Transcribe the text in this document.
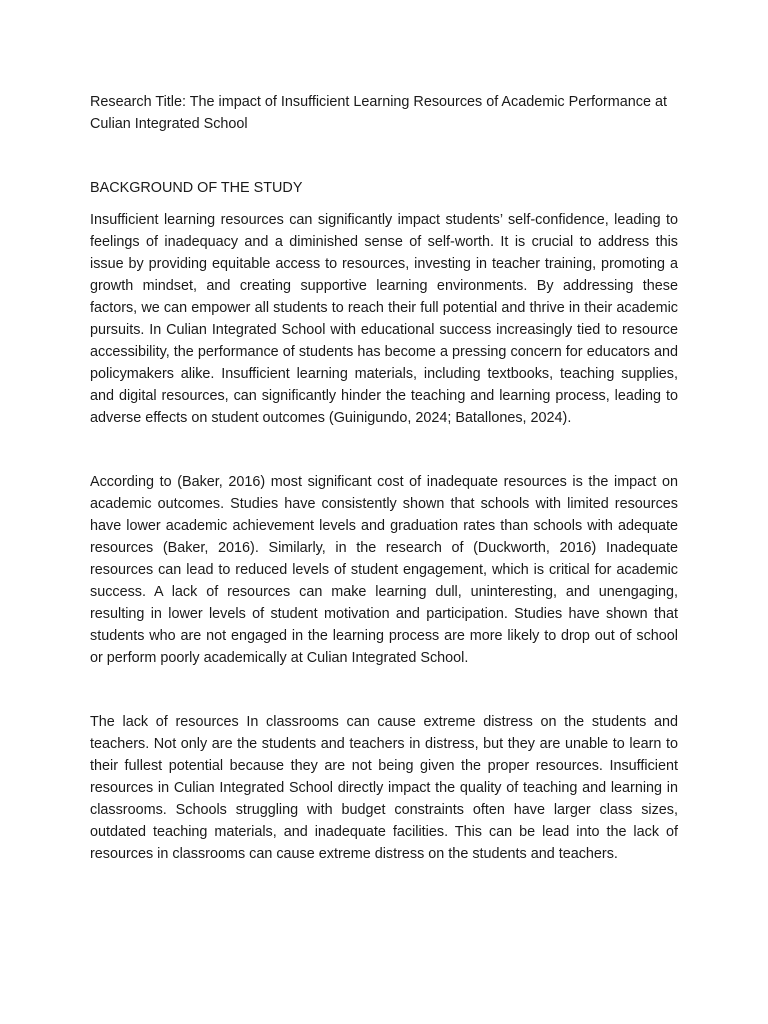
Research Title: The impact of Insufficient Learning Resources of Academic Performance at Culian Integrated School

BACKGROUND OF THE STUDY

Insufficient learning resources can significantly impact students’ self-confidence, leading to feelings of inadequacy and a diminished sense of self-worth. It is crucial to address this issue by providing equitable access to resources, investing in teacher training, promoting a growth mindset, and creating supportive learning environments. By addressing these factors, we can empower all students to reach their full potential and thrive in their academic pursuits. In Culian Integrated School with educational success increasingly tied to resource accessibility, the performance of students has become a pressing concern for educators and policymakers alike. Insufficient learning materials, including textbooks, teaching supplies, and digital resources, can significantly hinder the teaching and learning process, leading to adverse effects on student outcomes (Guinigundo, 2024; Batallones, 2024).

According to (Baker, 2016) most significant cost of inadequate resources is the impact on academic outcomes. Studies have consistently shown that schools with limited resources have lower academic achievement levels and graduation rates than schools with adequate resources (Baker, 2016). Similarly, in the research of (Duckworth, 2016) Inadequate resources can lead to reduced levels of student engagement, which is critical for academic success. A lack of resources can make learning dull, uninteresting, and unengaging, resulting in lower levels of student motivation and participation. Studies have shown that students who are not engaged in the learning process are more likely to drop out of school or perform poorly academically at Culian Integrated School.

The lack of resources In classrooms can cause extreme distress on the students and teachers. Not only are the students and teachers in distress, but they are unable to learn to their fullest potential because they are not being given the proper resources. Insufficient resources in Culian Integrated School directly impact the quality of teaching and learning in classrooms. Schools struggling with budget constraints often have larger class sizes, outdated teaching materials, and inadequate facilities. This can be lead into the lack of resources in classrooms can cause extreme distress on the students and teachers.
